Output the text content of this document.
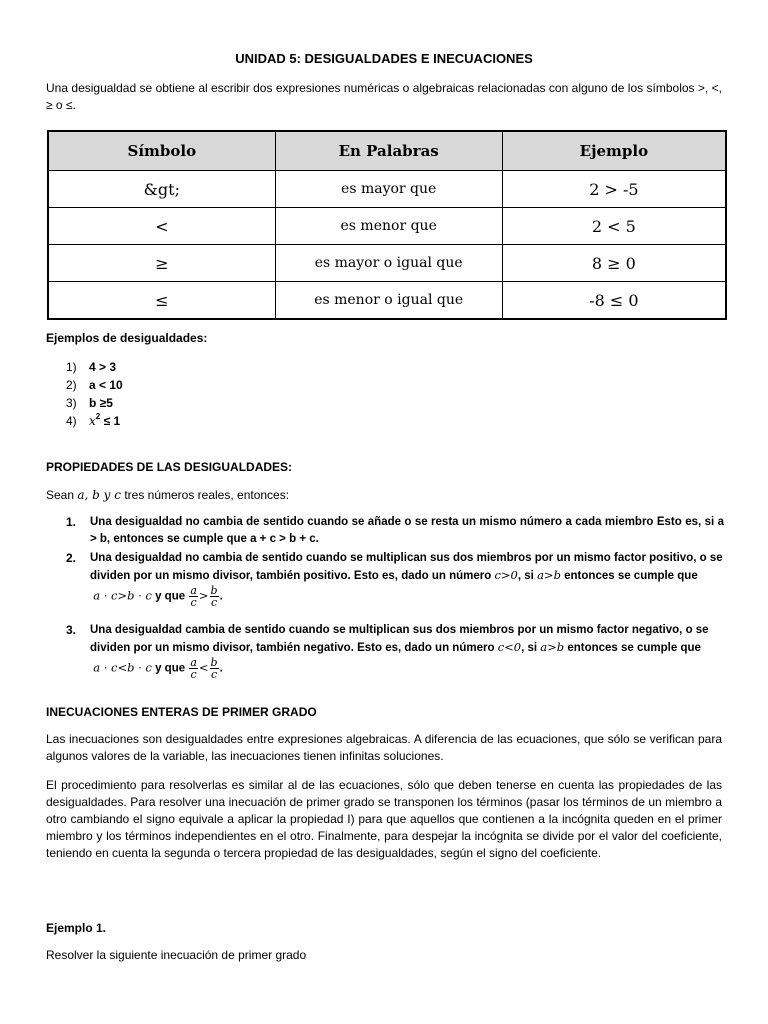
UNIDAD 5: DESIGUALDADES E INECUACIONES
Una desigualdad se obtiene al escribir dos expresiones numéricas o algebraicas relacionadas con alguno de los símbolos >, <, ≥ o ≤.
Símbolo	En Palabras	Ejemplo
&gt;	es mayor que	2 > -5
<	es menor que	2 < 5
≥	es mayor o igual que	8 ≥ 0
≤	es menor o igual que	-8 ≤ 0
Ejemplos de desigualdades:
1) 4 > 3
2) a < 10
3) b ≥5
4) $x^2 \le 1$
PROPIEDADES DE LAS DESIGUALDADES:
Sean a, b y c tres números reales, entonces:
1. Una desigualdad no cambia de sentido cuando se añade o se resta un mismo número a cada miembro Esto es, si a > b, entonces se cumple que a + c > b + c.
2. Una desigualdad no cambia de sentido cuando se multiplican sus dos miembros por un mismo factor positivo, o se dividen por un mismo divisor, también positivo. Esto es, dado un número c>0, si a>b entonces se cumple que
a · c>b · c y que $\frac{a}{c} > \frac{b}{c}$ .
3. Una desigualdad cambia de sentido cuando se multiplican sus dos miembros por un mismo factor negativo, o se dividen por un mismo divisor, también negativo. Esto es, dado un número c<0, si a>b entonces se cumple que
a · c<b · c y que $\frac{a}{c} < \frac{b}{c}$ .
INECUACIONES ENTERAS DE PRIMER GRADO
Las inecuaciones son desigualdades entre expresiones algebraicas. A diferencia de las ecuaciones, que sólo se verifican para algunos valores de la variable, las inecuaciones tienen infinitas soluciones.
El procedimiento para resolverlas es similar al de las ecuaciones, sólo que deben tenerse en cuenta las propiedades de las desigualdades. Para resolver una inecuación de primer grado se transponen los términos (pasar los términos de un miembro a otro cambiando el signo equivale a aplicar la propiedad I) para que aquellos que contienen a la incógnita queden en el primer miembro y los términos independientes en el otro. Finalmente, para despejar la incógnita se divide por el valor del coeficiente, teniendo en cuenta la segunda o tercera propiedad de las desigualdades, según el signo del coeficiente.
Ejemplo 1.
Resolver la siguiente inecuación de primer grado
